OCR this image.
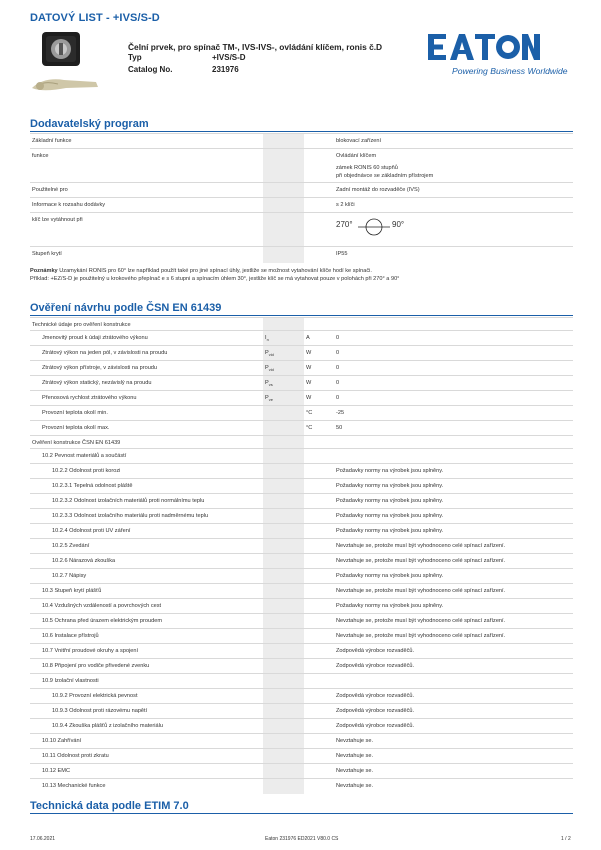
DATOVÝ LIST - +IVS/S-D
Čelní prvek, pro spínač TM-, IVS-IVS-, ovládání klíčem, ronis č.D
Typ	+IVS/S-D
Catalog No.	231976	Powering Business Worldwide
Dodavatelský program
Základní funkce			blokovací zařízení
funkce			Ovládání klíčem
zámek RONIS 60 stupňů
při objednávce se základním přístrojem

Použitelné pro			Zadní montáž do rozvaděče (IVS)
Informace k rozsahu dodávky			s 2 klíči
klíč lze vytáhnout při			270° 90°

Stupeň krytí			IP55
Poznámky Uzamykání RONIS pro 60° lze například použít také pro jiné spínací úhly, jestliže se možnost vytahování klíče hodí ke spínači.
Příklad: +EZ/S-D je použitelný u krokového přepínač e s 6 stupni a spínacím úhlem 30°, jestliže klíč se má vytahovat pouze v polohách při 270° a 90°
Ověření návrhu podle ČSN EN 61439
Technické údaje pro ověření konstrukce			
Jmenovitý proud k údaji ztrátového výkonu	$I_n$	A	0
Ztrátový výkon na jeden pól, v závislosti na proudu	$P_{vid}$	W	0
Ztrátový výkon přístroje, v závislosti na proudu	$P_{vid}$	W	0
Ztrátový výkon statický, nezávislý na proudu	$P_{vs}$	W	0
Přenosová rychlost ztrátového výkonu	$P_{ve}$	W	0
Provozní teplota okolí min.		°C	-25
Provozní teplota okolí max.		°C	50
Ověření konstrukce ČSN EN 61439			
10.2 Pevnost materiálů a součástí			
10.2.2 Odolnost proti korozi			Požadavky normy na výrobek jsou splněny.
10.2.3.1 Tepelná odolnost pláště			Požadavky normy na výrobek jsou splněny.
10.2.3.2 Odolnost izolačních materiálů proti normálnímu teplu			Požadavky normy na výrobek jsou splněny.
10.2.3.3 Odolnost izolačního materiálu proti nadměrnému teplu			Požadavky normy na výrobek jsou splněny.
10.2.4 Odolnost proti UV záření			Požadavky normy na výrobek jsou splněny.
10.2.5 Zvedání			Nevztahuje se, protože musí být vyhodnoceno celé spínací zařízení.
10.2.6 Nárazová zkouška			Nevztahuje se, protože musí být vyhodnoceno celé spínací zařízení.
10.2.7 Nápisy			Požadavky normy na výrobek jsou splněny.
10.3 Stupeň krytí plášťů			Nevztahuje se, protože musí být vyhodnoceno celé spínací zařízení.
10.4 Vzdušných vzdáleností a povrchových cest			Požadavky normy na výrobek jsou splněny.
10.5 Ochrana před úrazem elektrickým proudem			Nevztahuje se, protože musí být vyhodnoceno celé spínací zařízení.
10.6 Instalace přístrojů			Nevztahuje se, protože musí být vyhodnoceno celé spínací zařízení.
10.7 Vnitřní proudové okruhy a spojení			Zodpovědá výrobce rozvaděčů.
10.8 Připojení pro vodiče přivedené zvenku			Zodpovědá výrobce rozvaděčů.
10.9 Izolační vlastnosti			
10.9.2 Provozní elektrická pevnost			Zodpovědá výrobce rozvaděčů.
10.9.3 Odolnost proti rázovému napětí			Zodpovědá výrobce rozvaděčů.
10.9.4 Zkouška plášťů z izolačního materiálu			Zodpovědá výrobce rozvaděčů.
10.10 Zahřívání			Nevztahuje se.
10.11 Odolnost proti zkratu			Nevztahuje se.
10.12 EMC			Nevztahuje se.
10.13 Mechanické funkce			Nevztahuje se.
Technická data podle ETIM 7.0
17.06.2021	Eaton 231976 ED2021 V80.0 CS	1 / 2
